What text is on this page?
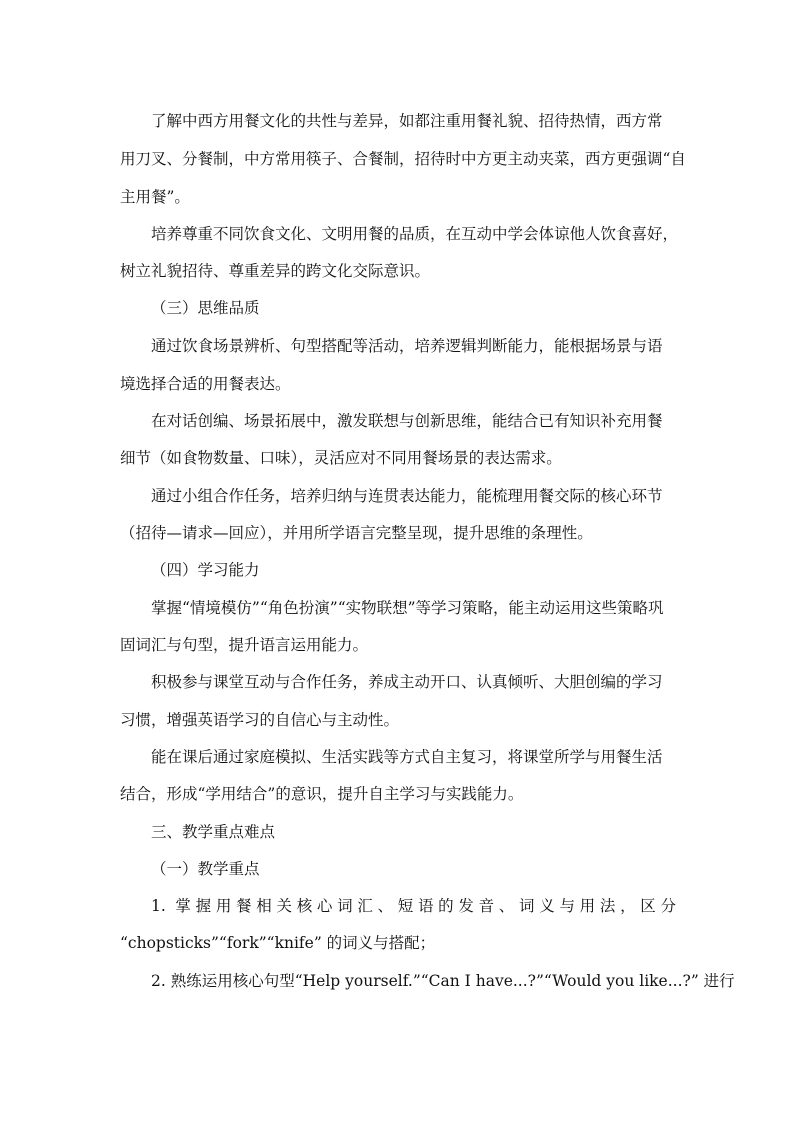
了解中西方用餐文化的共性与差异，如都注重用餐礼貌、招待热情，西方常
用刀叉、分餐制，中方常用筷子、合餐制，招待时中方更主动夹菜，西方更强调“自
主用餐”。
培养尊重不同饮食文化、文明用餐的品质，在互动中学会体谅他人饮食喜好，
树立礼貌招待、尊重差异的跨文化交际意识。
（三）思维品质
通过饮食场景辨析、句型搭配等活动，培养逻辑判断能力，能根据场景与语
境选择合适的用餐表达。
在对话创编、场景拓展中，激发联想与创新思维，能结合已有知识补充用餐
细节（如食物数量、口味），灵活应对不同用餐场景的表达需求。
通过小组合作任务，培养归纳与连贯表达能力，能梳理用餐交际的核心环节
（招待—请求—回应），并用所学语言完整呈现，提升思维的条理性。
（四）学习能力
掌握“情境模仿”“角色扮演”“实物联想”等学习策略，能主动运用这些策略巩
固词汇与句型，提升语言运用能力。
积极参与课堂互动与合作任务，养成主动开口、认真倾听、大胆创编的学习
习惯，增强英语学习的自信心与主动性。
能在课后通过家庭模拟、生活实践等方式自主复习，将课堂所学与用餐生活
结合，形成“学用结合”的意识，提升自主学习与实践能力。
三、教学重点难点
（一）教学重点
1. 掌握用餐相关核心词汇、短语的发音、词义与用法，区分
“chopsticks”“fork”“knife” 的词义与搭配；
2. 熟练运用核心句型“Help yourself.”“Can I have...?”“Would you like...?” 进行
